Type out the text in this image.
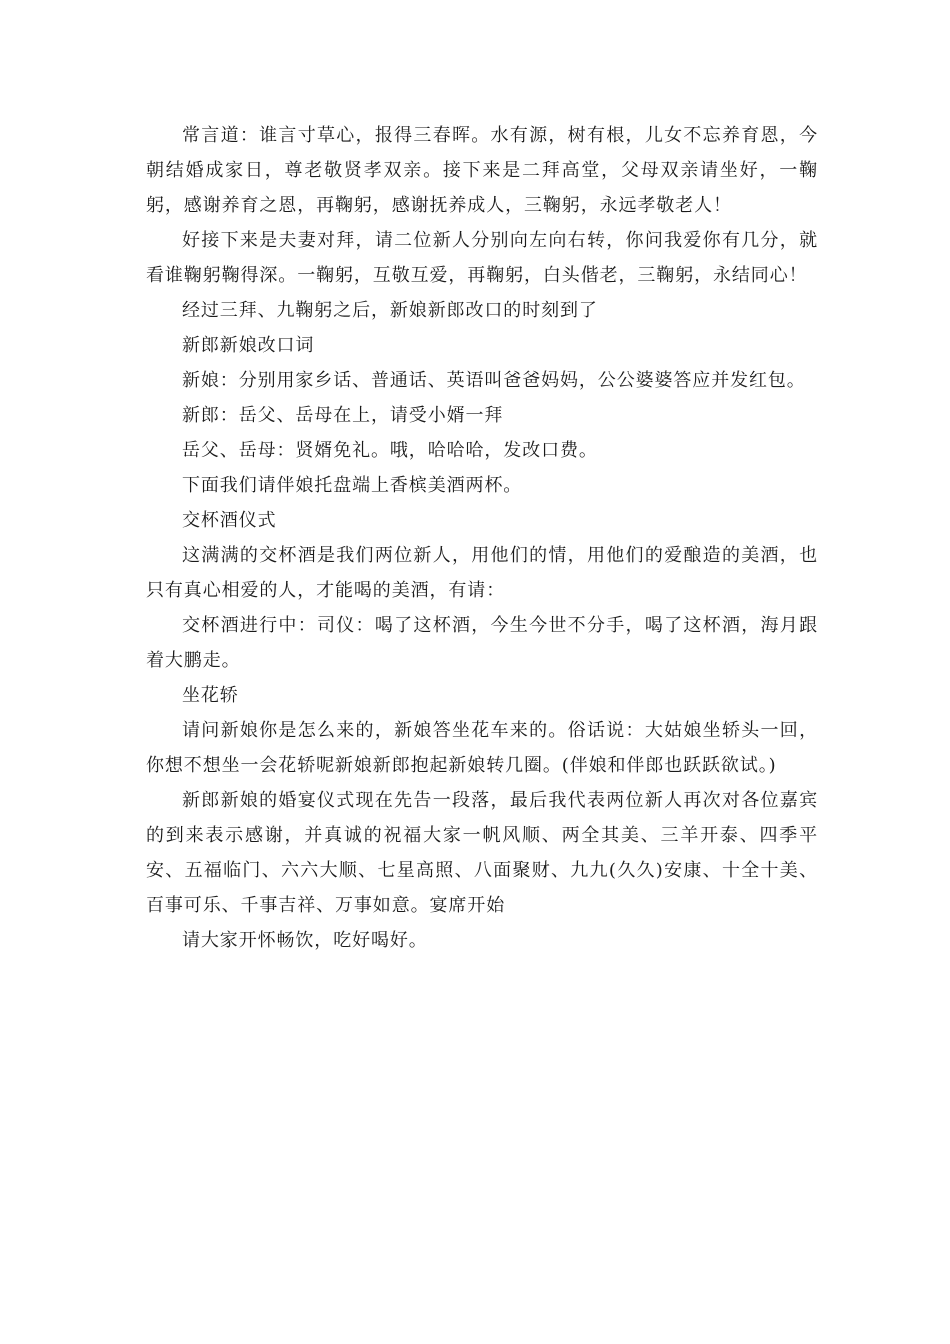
常言道：谁言寸草心，报得三春晖。水有源，树有根，儿女不忘养育恩，今朝结婚成家日，尊老敬贤孝双亲。接下来是二拜高堂，父母双亲请坐好，一鞠躬，感谢养育之恩，再鞠躬，感谢抚养成人，三鞠躬，永远孝敬老人！

好接下来是夫妻对拜，请二位新人分别向左向右转，你问我爱你有几分，就看谁鞠躬鞠得深。一鞠躬，互敬互爱，再鞠躬，白头偕老，三鞠躬，永结同心！

经过三拜、九鞠躬之后，新娘新郎改口的时刻到了

新郎新娘改口词

新娘：分别用家乡话、普通话、英语叫爸爸妈妈，公公婆婆答应并发红包。

新郎：岳父、岳母在上，请受小婿一拜

岳父、岳母：贤婿免礼。哦，哈哈哈，发改口费。

下面我们请伴娘托盘端上香槟美酒两杯。

交杯酒仪式

这满满的交杯酒是我们两位新人，用他们的情，用他们的爱酿造的美酒，也只有真心相爱的人，才能喝的美酒，有请：

交杯酒进行中：司仪：喝了这杯酒，今生今世不分手，喝了这杯酒，海月跟着大鹏走。

坐花轿

请问新娘你是怎么来的，新娘答坐花车来的。俗话说：大姑娘坐轿头一回，你想不想坐一会花轿呢新娘新郎抱起新娘转几圈。(伴娘和伴郎也跃跃欲试。)

新郎新娘的婚宴仪式现在先告一段落，最后我代表两位新人再次对各位嘉宾的到来表示感谢，并真诚的祝福大家一帆风顺、两全其美、三羊开泰、四季平安、五福临门、六六大顺、七星高照、八面聚财、九九(久久)安康、十全十美、百事可乐、千事吉祥、万事如意。宴席开始

请大家开怀畅饮，吃好喝好。
